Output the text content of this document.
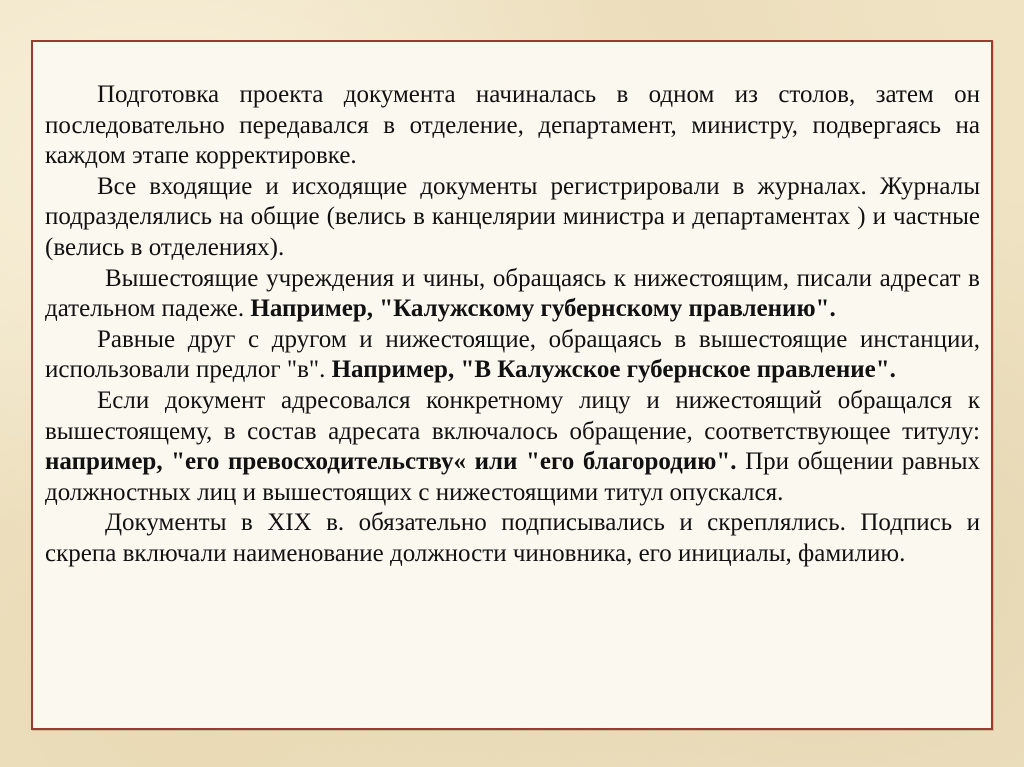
Подготовка проекта документа начиналась в одном из столов, затем он последовательно передавался в отделение, департамент, министру, подвергаясь на каждом этапе корректировке.

Все входящие и исходящие документы регистрировали в журналах. Журналы подразделялись на общие (велись в канцелярии министра и департаментах ) и частные (велись в отделениях).

Вышестоящие учреждения и чины, обращаясь к нижестоящим, писали адресат в дательном падеже. Например, "Калужскому губернскому правлению".

Равные друг с другом и нижестоящие, обращаясь в вышестоящие инстанции, использовали предлог "в". Например, "В Калужское губернское правление".

Если документ адресовался конкретному лицу и нижестоящий обращался к вышестоящему, в состав адресата включалось обращение, соответствующее титулу: например, "его превосходительству« или "его благородию". При общении равных должностных лиц и вышестоящих с нижестоящими титул опускался.

Документы в XIX в. обязательно подписывались и скреплялись. Подпись и скрепа включали наименование должности чиновника, его инициалы, фамилию.
